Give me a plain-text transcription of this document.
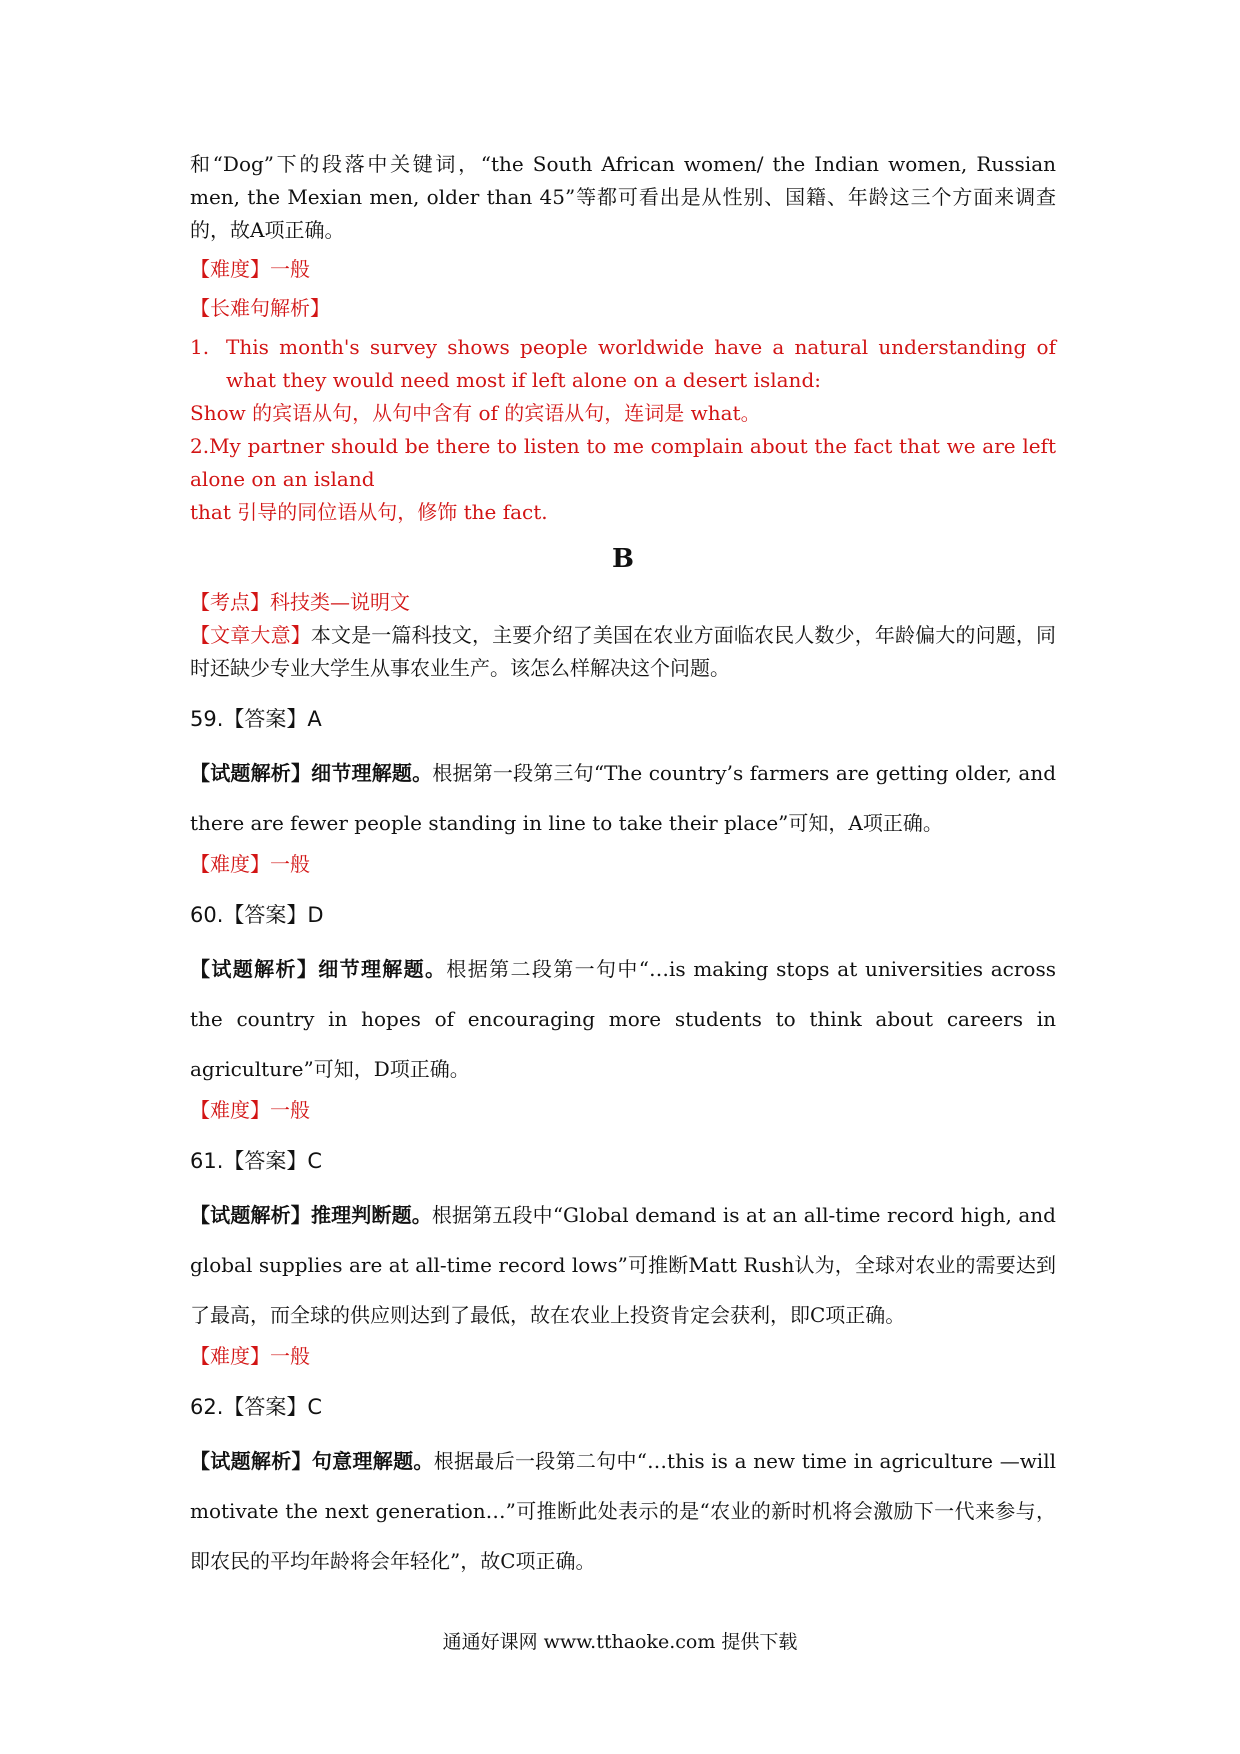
和“Dog”下的段落中关键词，“the South African women/ the Indian women, Russian men, the Mexian men, older than 45”等都可看出是从性别、国籍、年龄这三个方面来调查的，故A项正确。

【难度】一般

【长难句解析】

1. This month's survey shows people worldwide have a natural understanding of what they would need most if left alone on a desert island:

Show 的宾语从句，从句中含有 of 的宾语从句，连词是 what。

2.My partner should be there to listen to me complain about the fact that we are left alone on an island

that 引导的同位语从句，修饰 the fact.

B

【考点】科技类—说明文

【文章大意】本文是一篇科技文，主要介绍了美国在农业方面临农民人数少，年龄偏大的问题，同时还缺少专业大学生从事农业生产。该怎么样解决这个问题。

59.【答案】A

【试题解析】细节理解题。根据第一段第三句“The country’s farmers are getting older, and there are fewer people standing in line to take their place”可知，A项正确。

【难度】一般

60.【答案】D

【试题解析】细节理解题。根据第二段第一句中“…is making stops at universities across the country in hopes of encouraging more students to think about careers in agriculture”可知，D项正确。

【难度】一般

61.【答案】C

【试题解析】推理判断题。根据第五段中“Global demand is at an all-time record high, and global supplies are at all-time record lows”可推断Matt Rush认为，全球对农业的需要达到了最高，而全球的供应则达到了最低，故在农业上投资肯定会获利，即C项正确。

【难度】一般

62.【答案】C

【试题解析】句意理解题。根据最后一段第二句中“…this is a new time in agriculture —will motivate the next generation…”可推断此处表示的是“农业的新时机将会激励下一代来参与，即农民的平均年龄将会年轻化”，故C项正确。

通通好课网 www.tthaoke.com 提供下载
